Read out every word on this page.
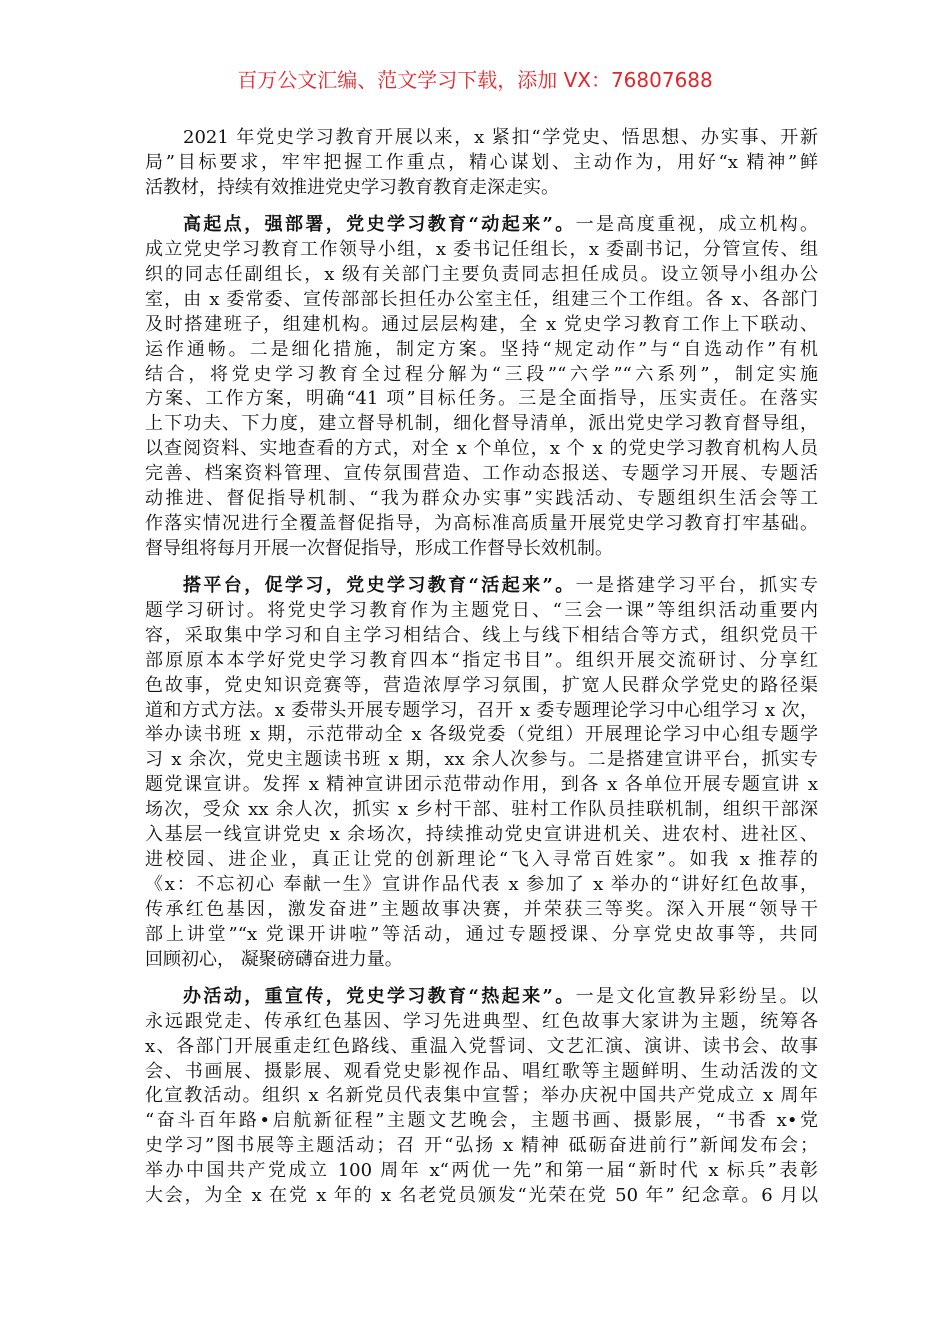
百万公文汇编、范文学习下载，添加 VX：76807688
2021 年党史学习教育开展以来，x 紧扣“学党史、悟思想、办实事、开新
局”目标要求，牢牢把握工作重点，精心谋划、主动作为，用好“x 精神”鲜
活教材，持续有效推进党史学习教育教育走深走实。
高起点，强部署，党史学习教育“动起来”。一是高度重视，成立机构。
成立党史学习教育工作领导小组，x 委书记任组长，x 委副书记，分管宣传、组
织的同志任副组长，x 级有关部门主要负责同志担任成员。设立领导小组办公
室，由 x 委常委、宣传部部长担任办公室主任，组建三个工作组。各 x、各部门
及时搭建班子，组建机构。通过层层构建，全 x 党史学习教育工作上下联动、
运作通畅。二是细化措施，制定方案。坚持“规定动作”与“自选动作”有机
结合，将党史学习教育全过程分解为“三段”“六学”“六系列”，制定实施
方案、工作方案，明确“41 项”目标任务。三是全面指导，压实责任。在落实
上下功夫、下力度，建立督导机制，细化督导清单，派出党史学习教育督导组，
以查阅资料、实地查看的方式，对全 x 个单位，x 个 x 的党史学习教育机构人员
完善、档案资料管理、宣传氛围营造、工作动态报送、专题学习开展、专题活
动推进、督促指导机制、“我为群众办实事”实践活动、专题组织生活会等工
作落实情况进行全覆盖督促指导，为高标准高质量开展党史学习教育打牢基础。
督导组将每月开展一次督促指导，形成工作督导长效机制。
搭平台，促学习，党史学习教育“活起来”。一是搭建学习平台，抓实专
题学习研讨。将党史学习教育作为主题党日、“三会一课”等组织活动重要内
容，采取集中学习和自主学习相结合、线上与线下相结合等方式，组织党员干
部原原本本学好党史学习教育四本“指定书目”。组织开展交流研讨、分享红
色故事，党史知识竞赛等，营造浓厚学习氛围，扩宽人民群众学党史的路径渠
道和方式方法。x 委带头开展专题学习，召开 x 委专题理论学习中心组学习 x 次，
举办读书班 x 期，示范带动全 x 各级党委（党组）开展理论学习中心组专题学
习 x 余次，党史主题读书班 x 期，xx 余人次参与。二是搭建宣讲平台，抓实专
题党课宣讲。发挥 x 精神宣讲团示范带动作用，到各 x 各单位开展专题宣讲 x
场次，受众 xx 余人次，抓实 x 乡村干部、驻村工作队员挂联机制，组织干部深
入基层一线宣讲党史 x 余场次，持续推动党史宣讲进机关、进农村、进社区、
进校园、进企业，真正让党的创新理论“飞入寻常百姓家”。如我 x 推荐的
《x：不忘初心 奉献一生》宣讲作品代表 x 参加了 x 举办的“讲好红色故事，
传承红色基因，激发奋进”主题故事决赛，并荣获三等奖。深入开展“领导干
部上讲堂”“x 党课开讲啦”等活动，通过专题授课、分享党史故事等，共同
回顾初心， 凝聚磅礴奋进力量。
办活动，重宣传，党史学习教育“热起来”。一是文化宣教异彩纷呈。以
永远跟党走、传承红色基因、学习先进典型、红色故事大家讲为主题，统筹各
x、各部门开展重走红色路线、重温入党誓词、文艺汇演、演讲、读书会、故事
会、书画展、摄影展、观看党史影视作品、唱红歌等主题鲜明、生动活泼的文
化宣教活动。组织 x 名新党员代表集中宣誓；举办庆祝中国共产党成立 x 周年
“奋斗百年路•启航新征程”主题文艺晚会，主题书画、摄影展，“书香 x•党
史学习”图书展等主题活动；召 开“弘扬 x 精神 砥砺奋进前行”新闻发布会；
举办中国共产党成立 100 周年 x“两优一先”和第一届“新时代 x 标兵”表彰
大会，为全 x 在党 x 年的 x 名老党员颁发“光荣在党 50 年” 纪念章。6 月以
